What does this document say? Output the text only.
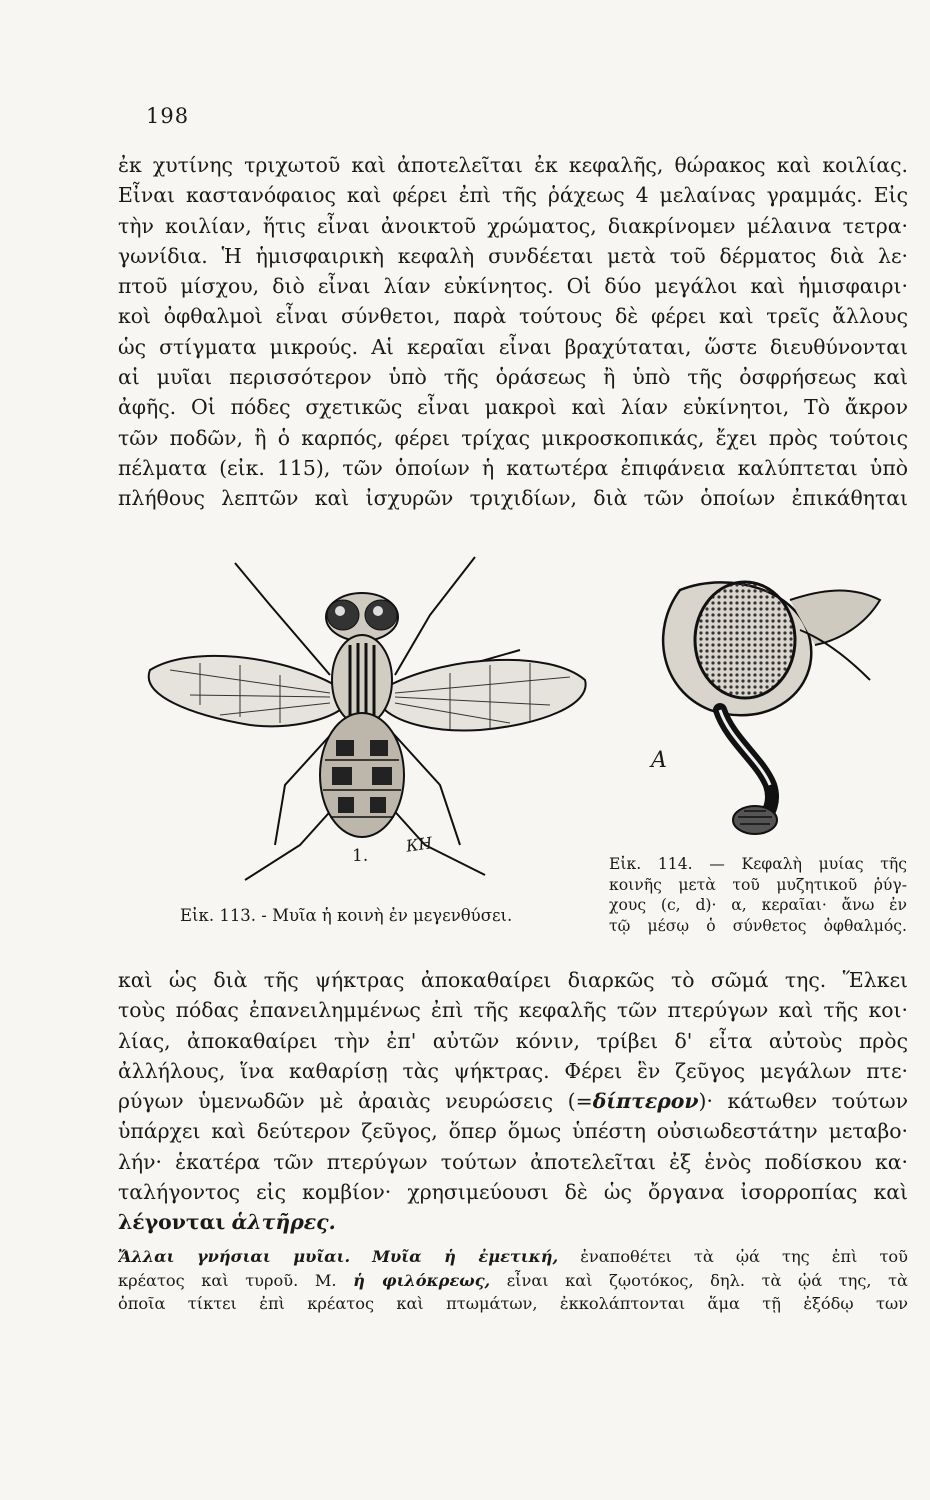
198
ἐκ χυτίνης τριχωτοῦ καὶ ἀποτελεῖται ἐκ κεφαλῆς, θώρακος καὶ κοιλίας.
Εἶναι καστανόφαιος καὶ φέρει ἐπὶ τῆς ῥάχεως 4 μελαίνας γραμμάς. Εἰς
τὴν κοιλίαν, ἥτις εἶναι ἀνοικτοῦ χρώματος, διακρίνομεν μέλαινα τετρα·
γωνίδια. Ἡ ἡμισφαιρικὴ κεφαλὴ συνδέεται μετὰ τοῦ δέρματος διὰ λε·
πτοῦ μίσχου, διὸ εἶναι λίαν εὐκίνητος. Οἱ δύο μεγάλοι καὶ ἡμισφαιρι·
κοὶ ὀφθαλμοὶ εἶναι σύνθετοι, παρὰ τούτους δὲ φέρει καὶ τρεῖς ἄλλους
ὡς στίγματα μικρούς. Αἱ κεραῖαι εἶναι βραχύταται, ὥστε διευθύνονται
αἱ μυῖαι περισσότερον ὑπὸ τῆς ὁράσεως ἢ ὑπὸ τῆς ὀσφρήσεως καὶ
ἀφῆς. Οἱ πόδες σχετικῶς εἶναι μακροὶ καὶ λίαν εὐκίνητοι, Τὸ ἄκρον
τῶν ποδῶν, ἢ ὁ καρπός, φέρει τρίχας μικροσκοπικάς, ἔχει πρὸς τούτοις
πέλματα (εἰκ. 115), τῶν ὁποίων ἡ κατωτέρα ἐπιφάνεια καλύπτεται ὑπὸ
πλήθους λεπτῶν καὶ ἰσχυρῶν τριχιδίων, διὰ τῶν ὁποίων ἐπικάθηται
1.
КН
Εἰκ. 113. - Μυῖα ἡ κοινὴ ἐν μεγενθύσει.
A
Εἰκ. 114. — Κεφαλὴ μυίας τῆς
κοινῆς μετὰ τοῦ μυζητικοῦ ῥύγ-
χους (c, d)· α, κεραῖαι· ἄνω ἐν
τῷ μέσῳ ὁ σύνθετος ὀφθαλμός.
καὶ ὡς διὰ τῆς ψήκτρας ἀποκαθαίρει διαρκῶς τὸ σῶμά της. Ἕλκει
τοὺς πόδας ἐπανειλημμένως ἐπὶ τῆς κεφαλῆς τῶν πτερύγων καὶ τῆς κοι·
λίας, ἀποκαθαίρει τὴν ἐπ' αὐτῶν κόνιν, τρίβει δ' εἶτα αὐτοὺς πρὸς
ἀλλήλους, ἵνα καθαρίσῃ τὰς ψήκτρας. Φέρει ἓν ζεῦγος μεγάλων πτε·
ρύγων ὑμενωδῶν μὲ ἀραιὰς νευρώσεις (=δίπτερον)· κάτωθεν τούτων
ὑπάρχει καὶ δεύτερον ζεῦγος, ὅπερ ὅμως ὑπέστη οὐσιωδεστάτην μεταβο·
λήν· ἑκατέρα τῶν πτερύγων τούτων ἀποτελεῖται ἐξ ἑνὸς ποδίσκου κα·
ταλήγοντος εἰς κομβίον· χρησιμεύουσι δὲ ὡς ὄργανα ἰσορροπίας καὶ
λέγονται ἁλτῆρες.
Ἄλλαι γνήσιαι μυῖαι. Μυῖα ἡ ἐμετική, ἐναποθέτει τὰ ᾠά της ἐπὶ τοῦ
κρέατος καὶ τυροῦ. Μ. ἡ φιλόκρεως, εἶναι καὶ ζῳοτόκος, δηλ. τὰ ᾠά της, τὰ
ὁποῖα τίκτει ἐπὶ κρέατος καὶ πτωμάτων, ἐκκολάπτονται ἅμα τῇ ἐξόδῳ των
